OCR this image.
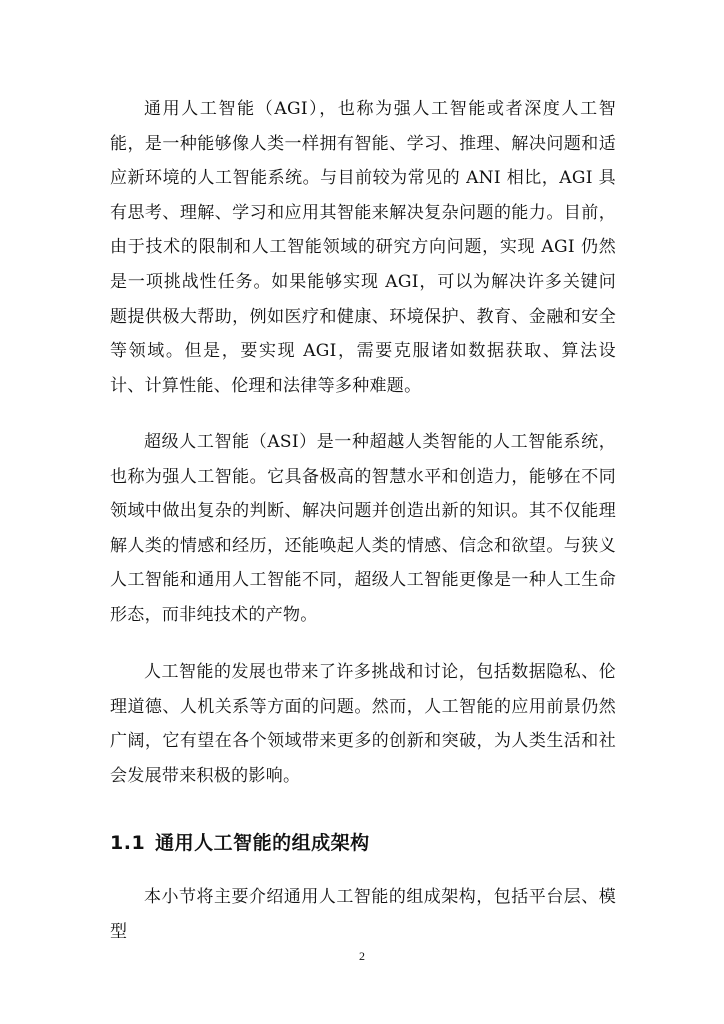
通用人工智能（AGI），也称为强人工智能或者深度人工智能，是一种能够像人类一样拥有智能、学习、推理、解决问题和适应新环境的人工智能系统。与目前较为常见的 ANI 相比，AGI 具有思考、理解、学习和应用其智能来解决复杂问题的能力。目前，由于技术的限制和人工智能领域的研究方向问题，实现 AGI 仍然是一项挑战性任务。如果能够实现 AGI，可以为解决许多关键问题提供极大帮助，例如医疗和健康、环境保护、教育、金融和安全等领域。但是，要实现 AGI，需要克服诸如数据获取、算法设计、计算性能、伦理和法律等多种难题。

超级人工智能（ASI）是一种超越人类智能的人工智能系统，也称为强人工智能。它具备极高的智慧水平和创造力，能够在不同领域中做出复杂的判断、解决问题并创造出新的知识。其不仅能理解人类的情感和经历，还能唤起人类的情感、信念和欲望。与狭义人工智能和通用人工智能不同，超级人工智能更像是一种人工生命形态，而非纯技术的产物。

人工智能的发展也带来了许多挑战和讨论，包括数据隐私、伦理道德、人机关系等方面的问题。然而，人工智能的应用前景仍然广阔，它有望在各个领域带来更多的创新和突破，为人类生活和社会发展带来积极的影响。

1.1 通用人工智能的组成架构

本小节将主要介绍通用人工智能的组成架构，包括平台层、模型

2
